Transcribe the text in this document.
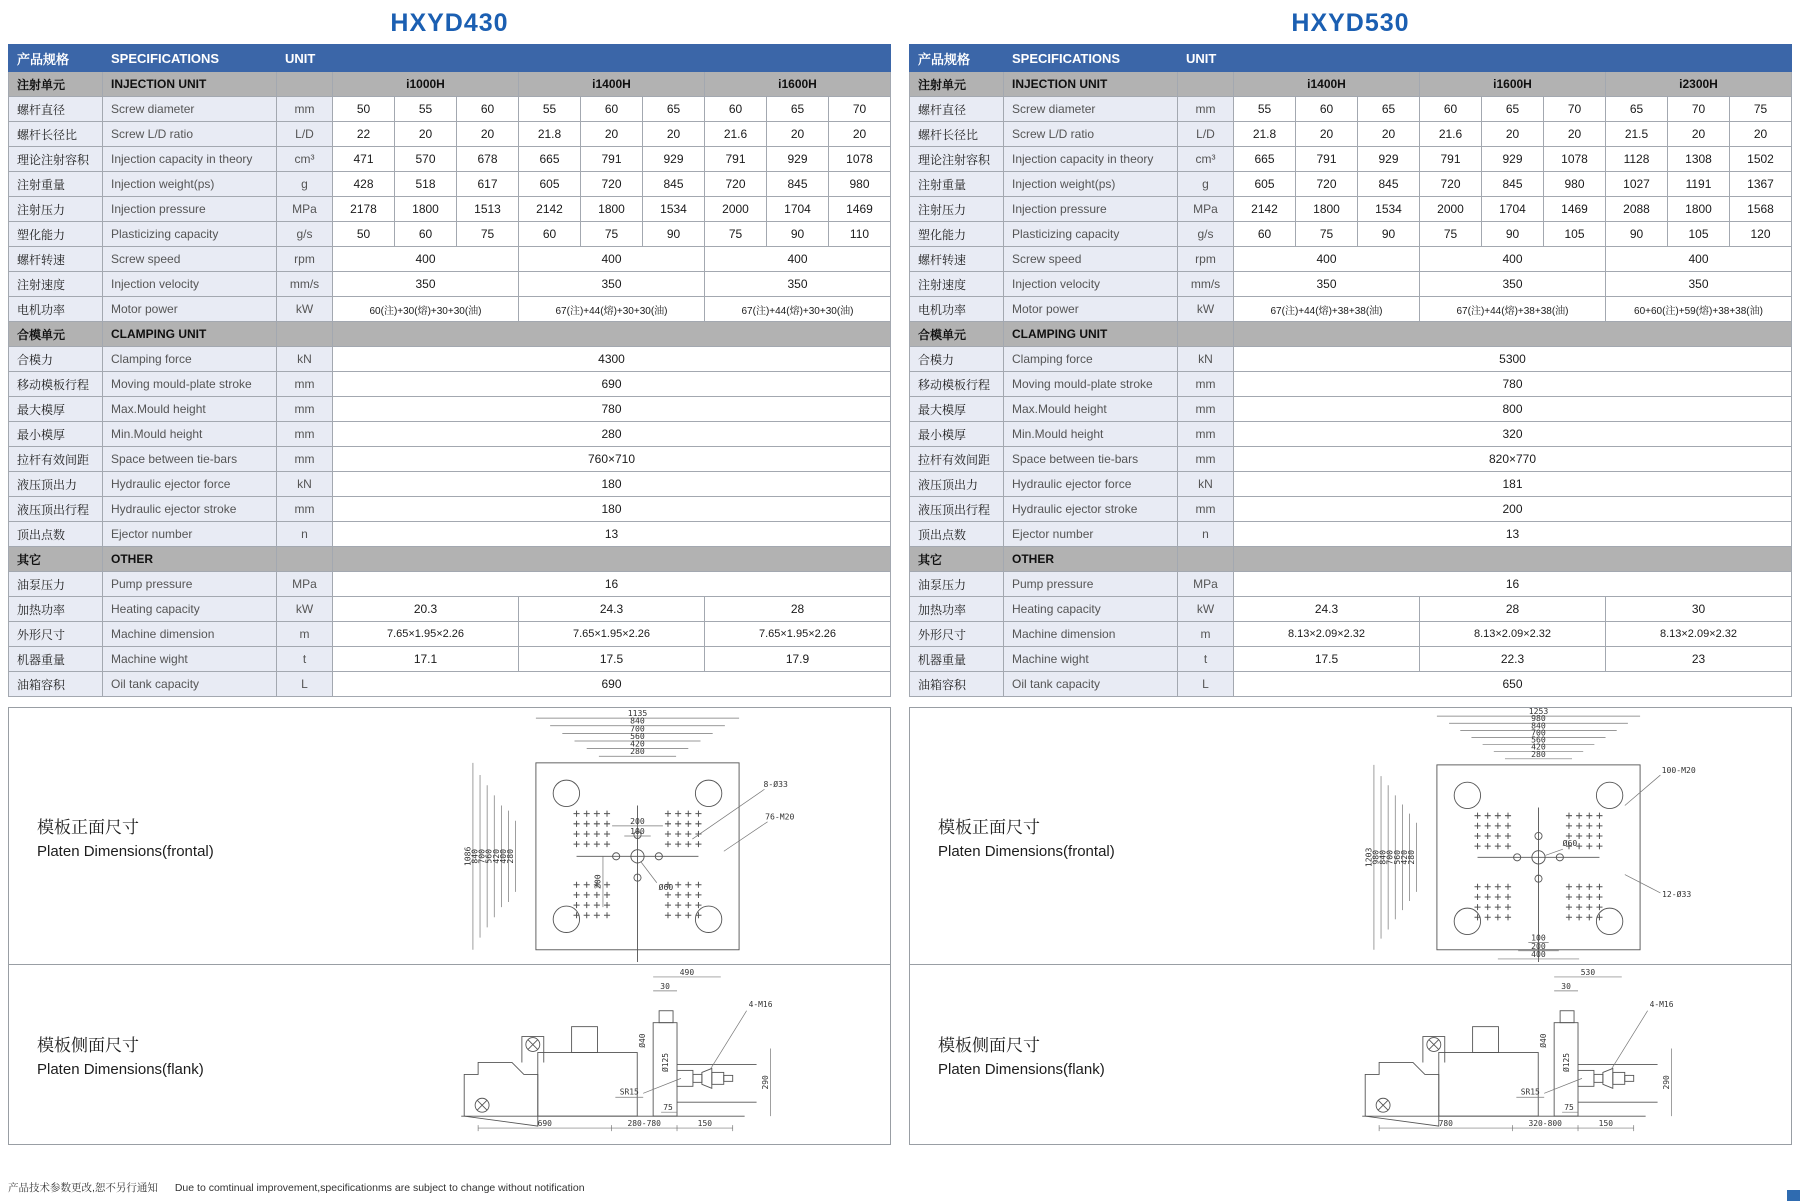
HXYD430
产品规格	SPECIFICATIONS	UNIT									
注射单元	INJECTION UNIT		i1000H			i1400H			i1600H		
螺杆直径	Screw diameter	mm	50	55	60	55	60	65	60	65	70
螺杆长径比	Screw L/D ratio	L/D	22	20	20	21.8	20	20	21.6	20	20
理论注射容积	Injection capacity in theory	cm³	471	570	678	665	791	929	791	929	1078
注射重量	Injection weight(ps)	g	428	518	617	605	720	845	720	845	980
注射压力	Injection pressure	MPa	2178	1800	1513	2142	1800	1534	2000	1704	1469
塑化能力	Plasticizing capacity	g/s	50	60	75	60	75	90	75	90	110
螺杆转速	Screw speed	rpm	400			400			400		
注射速度	Injection velocity	mm/s	350			350			350		
电机功率	Motor power	kW	60(注)+30(熔)+30+30(油)			67(注)+44(熔)+30+30(油)			67(注)+44(熔)+30+30(油)		
合模单元	CLAMPING UNIT										
合模力	Clamping force	kN	4300								
移动模板行程	Moving mould-plate stroke	mm	690								
最大模厚	Max.Mould height	mm	780								
最小模厚	Min.Mould height	mm	280								
拉杆有效间距	Space between tie-bars	mm	760×710								
液压顶出力	Hydraulic ejector force	kN	180								
液压顶出行程	Hydraulic ejector stroke	mm	180								
顶出点数	Ejector number	n	13								
其它	OTHER										
油泵压力	Pump pressure	MPa	16								
加热功率	Heating capacity	kW	20.3			24.3			28		
外形尺寸	Machine dimension	m	7.65×1.95×2.26			7.65×1.95×2.26			7.65×1.95×2.26		
机器重量	Machine wight	t	17.1			17.5			17.9		
油箱容积	Oil tank capacity	L	690								
模板正面尺寸
Platen Dimensions(frontal)
1135
840
700
560
420
280
1086
840
700
560
420
400
280
200
100
200
8-Ø33
76-M20
Ø60
模板侧面尺寸
Platen Dimensions(flank)
490
30
4-M16
Ø40
Ø125
SR15
290
75
690	280-780	150
HXYD530
产品规格	SPECIFICATIONS	UNIT									
注射单元	INJECTION UNIT		i1400H			i1600H			i2300H		
螺杆直径	Screw diameter	mm	55	60	65	60	65	70	65	70	75
螺杆长径比	Screw L/D ratio	L/D	21.8	20	20	21.6	20	20	21.5	20	20
理论注射容积	Injection capacity in theory	cm³	665	791	929	791	929	1078	1128	1308	1502
注射重量	Injection weight(ps)	g	605	720	845	720	845	980	1027	1191	1367
注射压力	Injection pressure	MPa	2142	1800	1534	2000	1704	1469	2088	1800	1568
塑化能力	Plasticizing capacity	g/s	60	75	90	75	90	105	90	105	120
螺杆转速	Screw speed	rpm	400			400			400		
注射速度	Injection velocity	mm/s	350			350			350		
电机功率	Motor power	kW	67(注)+44(熔)+38+38(油)			67(注)+44(熔)+38+38(油)			60+60(注)+59(熔)+38+38(油)		
合模单元	CLAMPING UNIT										
合模力	Clamping force	kN	5300								
移动模板行程	Moving mould-plate stroke	mm	780								
最大模厚	Max.Mould height	mm	800								
最小模厚	Min.Mould height	mm	320								
拉杆有效间距	Space between tie-bars	mm	820×770								
液压顶出力	Hydraulic ejector force	kN	181								
液压顶出行程	Hydraulic ejector stroke	mm	200								
顶出点数	Ejector number	n	13								
其它	OTHER										
油泵压力	Pump pressure	MPa	16								
加热功率	Heating capacity	kW	24.3			28			30		
外形尺寸	Machine dimension	m	8.13×2.09×2.32			8.13×2.09×2.32			8.13×2.09×2.32		
机器重量	Machine wight	t	17.5			22.3			23		
油箱容积	Oil tank capacity	L	650								
模板正面尺寸
Platen Dimensions(frontal)
1253
980
840
700
560
420
280
1203
980
840
700
560
420
280
100
200
400
100-M20
12-Ø33
Ø60
模板侧面尺寸
Platen Dimensions(flank)
530
30
4-M16
Ø40
Ø125
SR15
290
75
780	320-800	150
产品技术参数更改,恕不另行通知 Due to comtinual improvement,specificationms are subject to change without notification
